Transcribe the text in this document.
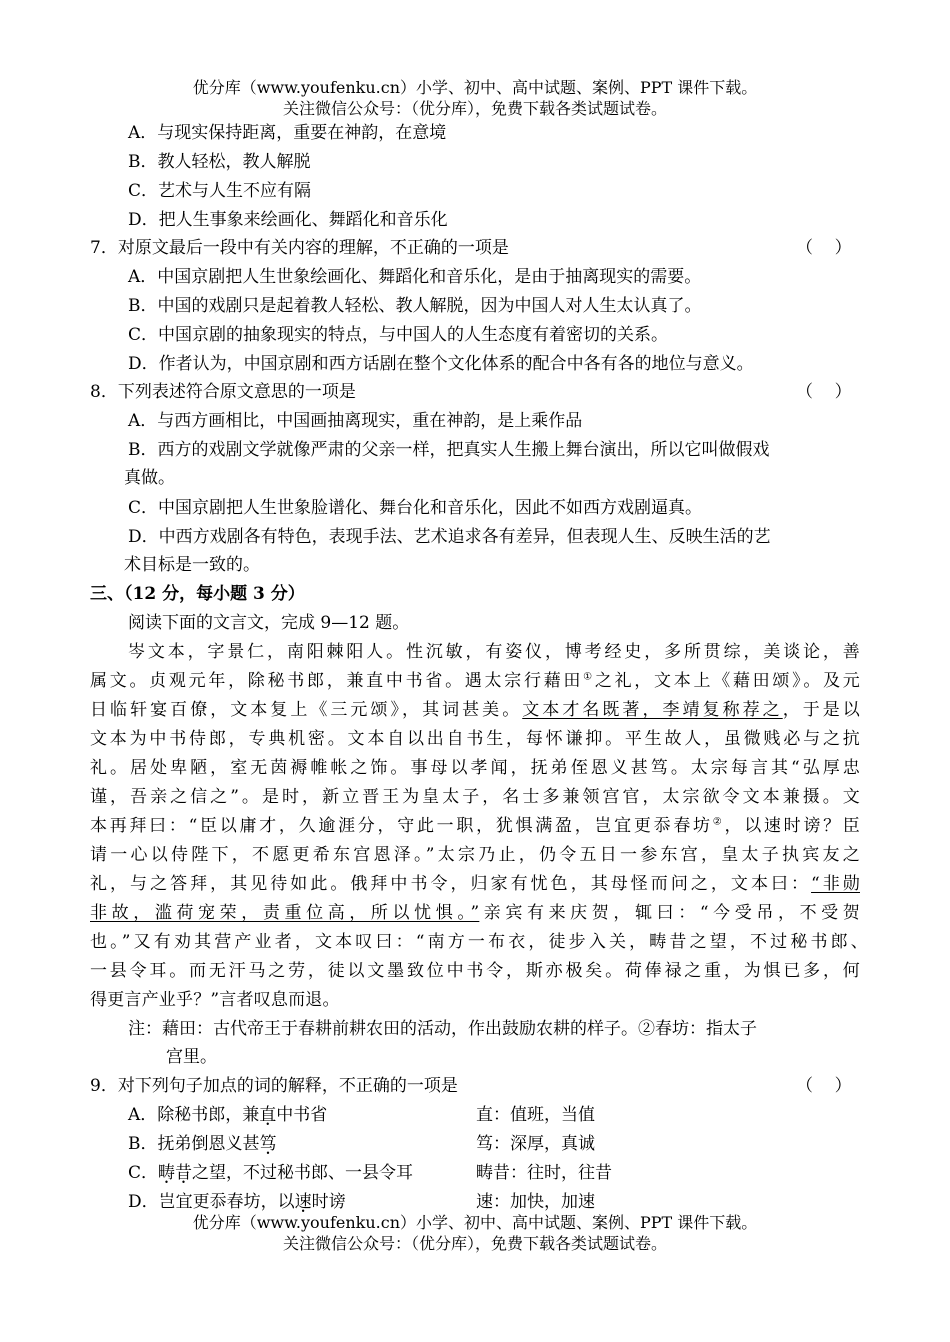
优分库（www.youfenku.cn）小学、初中、高中试题、案例、PPT 课件下载。
关注微信公众号：（优分库），免费下载各类试题试卷。
A．与现实保持距离，重要在神韵，在意境
B．教人轻松，教人解脱
C．艺术与人生不应有隔
D．把人生事象来绘画化、舞蹈化和音乐化
7．对原文最后一段中有关内容的理解，不正确的一项是	（    ）
A．中国京剧把人生世象绘画化、舞蹈化和音乐化，是由于抽离现实的需要。
B．中国的戏剧只是起着教人轻松、教人解脱，因为中国人对人生太认真了。
C．中国京剧的抽象现实的特点，与中国人的人生态度有着密切的关系。
D．作者认为，中国京剧和西方话剧在整个文化体系的配合中各有各的地位与意义。
8．下列表述符合原文意思的一项是	（    ）
A．与西方画相比，中国画抽离现实，重在神韵，是上乘作品
B．西方的戏剧文学就像严肃的父亲一样，把真实人生搬上舞台演出，所以它叫做假戏
真做。
C．中国京剧把人生世象脸谱化、舞台化和音乐化，因此不如西方戏剧逼真。
D．中西方戏剧各有特色，表现手法、艺术追求各有差异，但表现人生、反映生活的艺
术目标是一致的。
三、（12 分，每小题 3 分）
阅读下面的文言文，完成 9—12 题。
岑文本，字景仁，南阳棘阳人。性沉敏，有姿仪，博考经史，多所贯综，美谈论，善
属文。贞观元年，除秘书郎，兼直中书省。遇太宗行藉田①之礼，文本上《藉田颂》。及元
日临轩宴百僚，文本复上《三元颂》，其词甚美。文本才名既著，李靖复称荐之，于是以
文本为中书侍郎，专典机密。文本自以出自书生，每怀谦抑。平生故人，虽微贱必与之抗
礼。居处卑陋，室无茵褥帷帐之饰。事母以孝闻，抚弟侄恩义甚笃。太宗每言其“弘厚忠
谨，吾亲之信之”。是时，新立晋王为皇太子，名士多兼领宫官，太宗欲令文本兼摄。文
本再拜曰：“臣以庸才，久逾涯分，守此一职，犹惧满盈，岂宜更忝春坊②，以速时谤？臣
请一心以侍陛下，不愿更希东宫恩泽。”太宗乃止，仍令五日一参东宫，皇太子执宾友之
礼，与之答拜，其见待如此。俄拜中书令，归家有忧色，其母怪而问之，文本曰：“非勋
非故，滥荷宠荣，责重位高，所以忧惧。”亲宾有来庆贺，辄曰：“今受吊，不受贺
也。”又有劝其营产业者，文本叹曰：“南方一布衣，徒步入关，畴昔之望，不过秘书郎、
一县令耳。而无汗马之劳，徒以文墨致位中书令，斯亦极矣。荷俸禄之重，为惧已多，何
得更言产业乎？”言者叹息而退。
注：藉田：古代帝王于春耕前耕农田的活动，作出鼓励农耕的样子。②春坊：指太子
宫里。
9．对下列句子加点的词的解释，不正确的一项是	（    ）
A．除秘书郎，兼直中书省	直：值班，当值
B．抚弟倒恩义甚笃	笃：深厚，真诚
C．畴昔之望，不过秘书郎、一县令耳	畴昔：往时，往昔
D．岂宜更忝春坊，以速时谤	速：加快，加速
优分库（www.youfenku.cn）小学、初中、高中试题、案例、PPT 课件下载。
关注微信公众号：（优分库），免费下载各类试题试卷。
